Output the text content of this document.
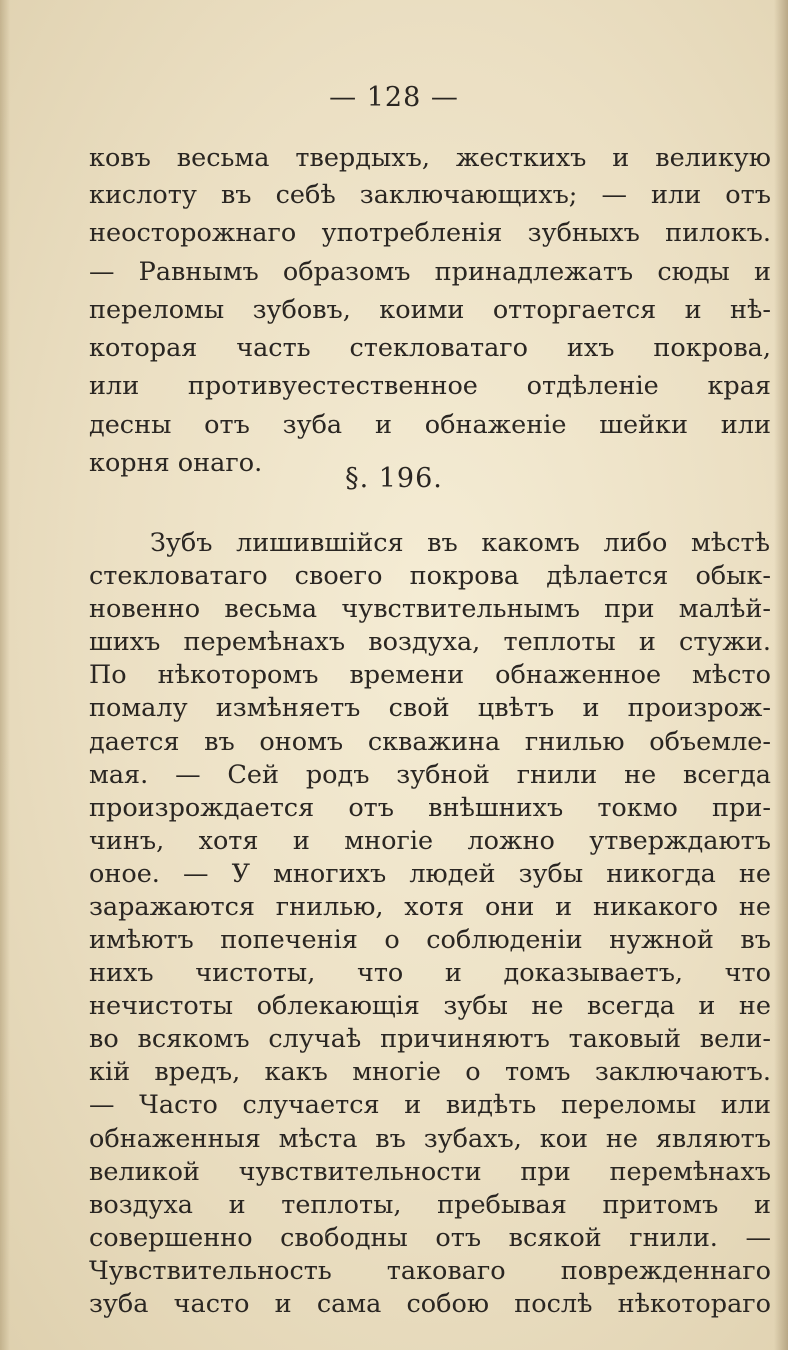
— 128 —
ковъ весьма твердыхъ, жесткихъ и великую
кислоту въ себѣ заключающихъ; — или отъ
неосторожнаго употребленія зубныхъ пилокъ.
— Равнымъ образомъ принадлежатъ сюды и
переломы зубовъ, коими отторгается и нѣ-
которая часть стекловатаго ихъ покрова,
или противуестественное отдѣленіе края
десны отъ зуба и обнаженіе шейки или
корня онаго.	§. 196.
Зубъ лишившійся въ какомъ либо мѣстѣ
стекловатаго своего покрова дѣлается обык-
новенно весьма чувствительнымъ при малѣй-
шихъ перемѣнахъ воздуха, теплоты и стужи.
По нѣкоторомъ времени обнаженное мѣсто
помалу измѣняетъ свой цвѣтъ и произрож-
дается въ ономъ скважина гнилью объемле-
мая. — Сей родъ зубной гнили не всегда
произрождается отъ внѣшнихъ токмо при-
чинъ, хотя и многіе ложно утверждаютъ
оное. — У многихъ людей зубы никогда не
заражаются гнилью, хотя они и никакого не
имѣютъ попеченія о соблюденіи нужной въ
нихъ чистоты, что и доказываетъ, что
нечистоты облекающія зубы не всегда и не
во всякомъ случаѣ причиняютъ таковый вели-
кій вредъ, какъ многіе о томъ заключаютъ.
— Часто случается и видѣть переломы или
обнаженныя мѣста въ зубахъ, кои не являютъ
великой чувствительности при перемѣнахъ
воздуха и теплоты, пребывая притомъ и
совершенно свободны отъ всякой гнили. —
Чувствительность таковаго поврежденнаго
зуба часто и сама собою послѣ нѣкотораго
